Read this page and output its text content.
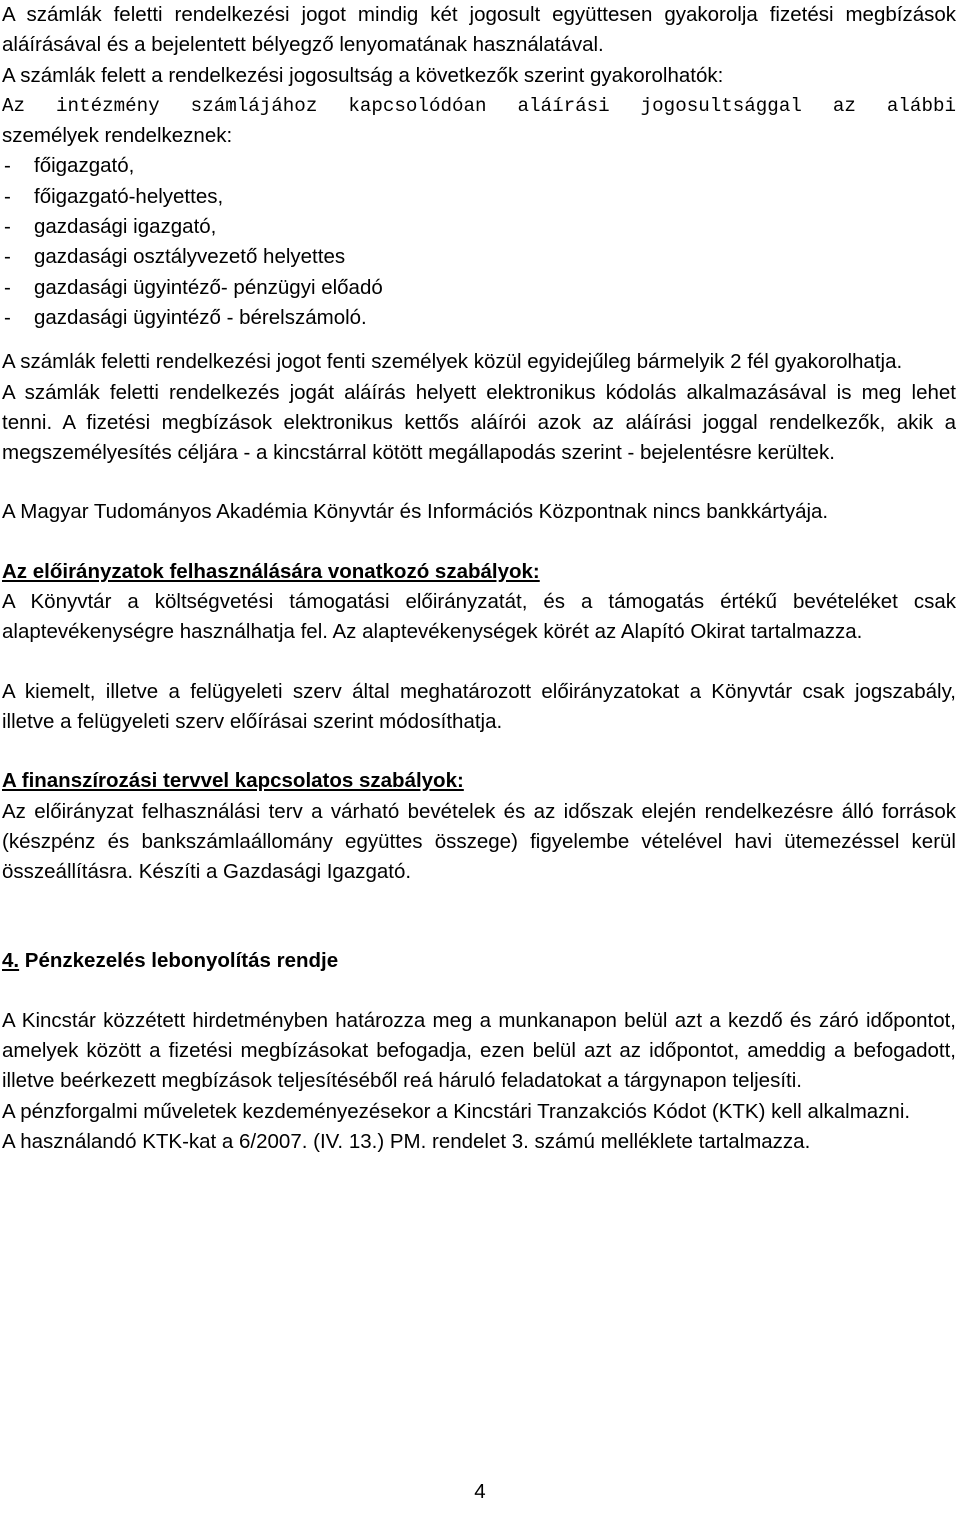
A számlák feletti rendelkezési jogot mindig két jogosult együttesen gyakorolja fizetési megbízások aláírásával és a bejelentett bélyegző lenyomatának használatával.

A számlák felett a rendelkezési jogosultság a következők szerint gyakorolhatók:

Az intézmény számlájához kapcsolódóan aláírási jogosultsággal az alábbi

személyek rendelkeznek:

- főigazgató,
- főigazgató-helyettes,
- gazdasági igazgató,
- gazdasági osztályvezető helyettes
- gazdasági ügyintéző- pénzügyi előadó
- gazdasági ügyintéző - bérelszámoló.

A számlák feletti rendelkezési jogot fenti személyek közül egyidejűleg bármelyik 2 fél gyakorolhatja.

A számlák feletti rendelkezés jogát aláírás helyett elektronikus kódolás alkalmazásával is meg lehet tenni. A fizetési megbízások elektronikus kettős aláírói azok az aláírási joggal rendelkezők, akik a megszemélyesítés céljára - a kincstárral kötött megállapodás szerint - bejelentésre kerültek.

A Magyar Tudományos Akadémia Könyvtár és Információs Központnak nincs bankkártyája.

Az előirányzatok felhasználására vonatkozó szabályok:

A Könyvtár a költségvetési támogatási előirányzatát, és a támogatás értékű bevételéket csak alaptevékenységre használhatja fel. Az alaptevékenységek körét az Alapító Okirat tartalmazza.

A kiemelt, illetve a felügyeleti szerv által meghatározott előirányzatokat a Könyvtár csak jogszabály, illetve a felügyeleti szerv előírásai szerint módosíthatja.

A finanszírozási tervvel kapcsolatos szabályok:

Az előirányzat felhasználási terv a várható bevételek és az időszak elején rendelkezésre álló források (készpénz és bankszámlaállomány együttes összege) figyelembe vételével havi ütemezéssel kerül összeállításra. Készíti a Gazdasági Igazgató.

4. Pénzkezelés lebonyolítás rendje

A Kincstár közzétett hirdetményben határozza meg a munkanapon belül azt a kezdő és záró időpontot, amelyek között a fizetési megbízásokat befogadja, ezen belül azt az időpontot, ameddig a befogadott, illetve beérkezett megbízások teljesítéséből reá háruló feladatokat a tárgynapon teljesíti.

A pénzforgalmi műveletek kezdeményezésekor a Kincstári Tranzakciós Kódot (KTK) kell alkalmazni.

A használandó KTK-kat a 6/2007. (IV. 13.) PM. rendelet 3. számú melléklete tartalmazza.

4
